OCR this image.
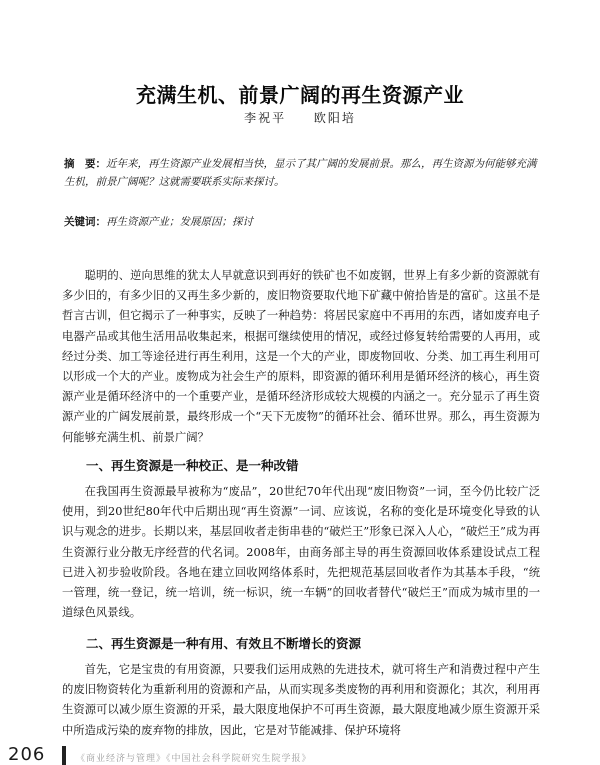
充满生机、前景广阔的再生资源产业
李祝平 欧阳培
摘　要：近年来，再生资源产业发展相当快，显示了其广阔的发展前景。那么，再生资源为何能够充满生机，前景广阔呢？这就需要联系实际来探讨。
关键词：再生资源产业；发展原因；探讨

聪明的、逆向思维的犹太人早就意识到再好的铁矿也不如废钢，世界上有多少新的资源就有多少旧的，有多少旧的又再生多少新的，废旧物资要取代地下矿藏中俯拾皆是的富矿。这虽不是哲言古训，但它揭示了一种事实，反映了一种趋势：将居民家庭中不再用的东西，诸如废弃电子电器产品或其他生活用品收集起来，根据可继续使用的情况，或经过修复转给需要的人再用，或经过分类、加工等途径进行再生利用，这是一个大的产业，即废物回收、分类、加工再生利用可以形成一个大的产业。废物成为社会生产的原料，即资源的循环利用是循环经济的核心，再生资源产业是循环经济中的一个重要产业，是循环经济形成较大规模的内涵之一。充分显示了再生资源产业的广阔发展前景，最终形成一个“天下无废物”的循环社会、循环世界。那么，再生资源为何能够充满生机、前景广阔？

一、再生资源是一种校正、是一种改错

在我国再生资源最早被称为“废品”，20世纪70年代出现“废旧物资”一词，至今仍比较广泛使用，到20世纪80年代中后期出现“再生资源”一词、应该说，名称的变化是环境变化导致的认识与观念的进步。长期以来，基层回收者走街串巷的“破烂王”形象已深入人心，“破烂王”成为再生资源行业分散无序经营的代名词。2008年，由商务部主导的再生资源回收体系建设试点工程已进入初步验收阶段。各地在建立回收网络体系时，先把规范基层回收者作为其基本手段，“统一管理，统一登记，统一培训，统一标识，统一车辆”的回收者替代“破烂王”而成为城市里的一道绿色风景线。

二、再生资源是一种有用、有效且不断增长的资源

首先，它是宝贵的有用资源，只要我们运用成熟的先进技术，就可将生产和消费过程中产生的废旧物资转化为重新利用的资源和产品，从而实现多类废物的再利用和资源化；其次，利用再生资源可以减少原生资源的开采，最大限度地保护不可再生资源，最大限度地减少原生资源开采中所造成污染的废弃物的排放，因此，它是对节能减排、保护环境将

206	《商业经济与管理》《中国社会科学院研究生院学报》
